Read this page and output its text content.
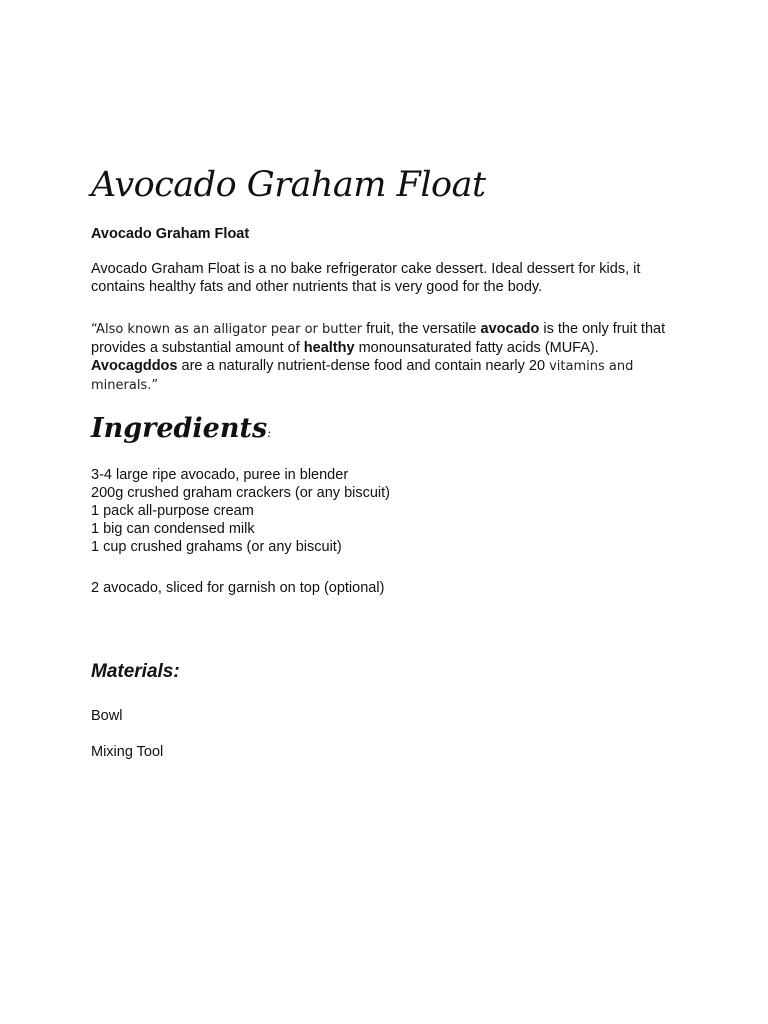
Avocado Graham Float

Avocado Graham Float

Avocado Graham Float is a no bake refrigerator cake dessert. Ideal dessert for kids, it contains healthy fats and other nutrients that is very good for the body.

“Also known as an alligator pear or butter fruit, the versatile avocado is the only fruit that provides a substantial amount of healthy monounsaturated fatty acids (MUFA). Avocagddos are a naturally nutrient-dense food and contain nearly 20 vitamins and minerals.”

Ingredients:
3-4 large ripe avocado, puree in blender
200g crushed graham crackers (or any biscuit)
1 pack all-purpose cream
1 big can condensed milk
1 cup crushed grahams (or any biscuit)

2 avocado, sliced for garnish on top (optional)

Materials:

Bowl

Mixing Tool
